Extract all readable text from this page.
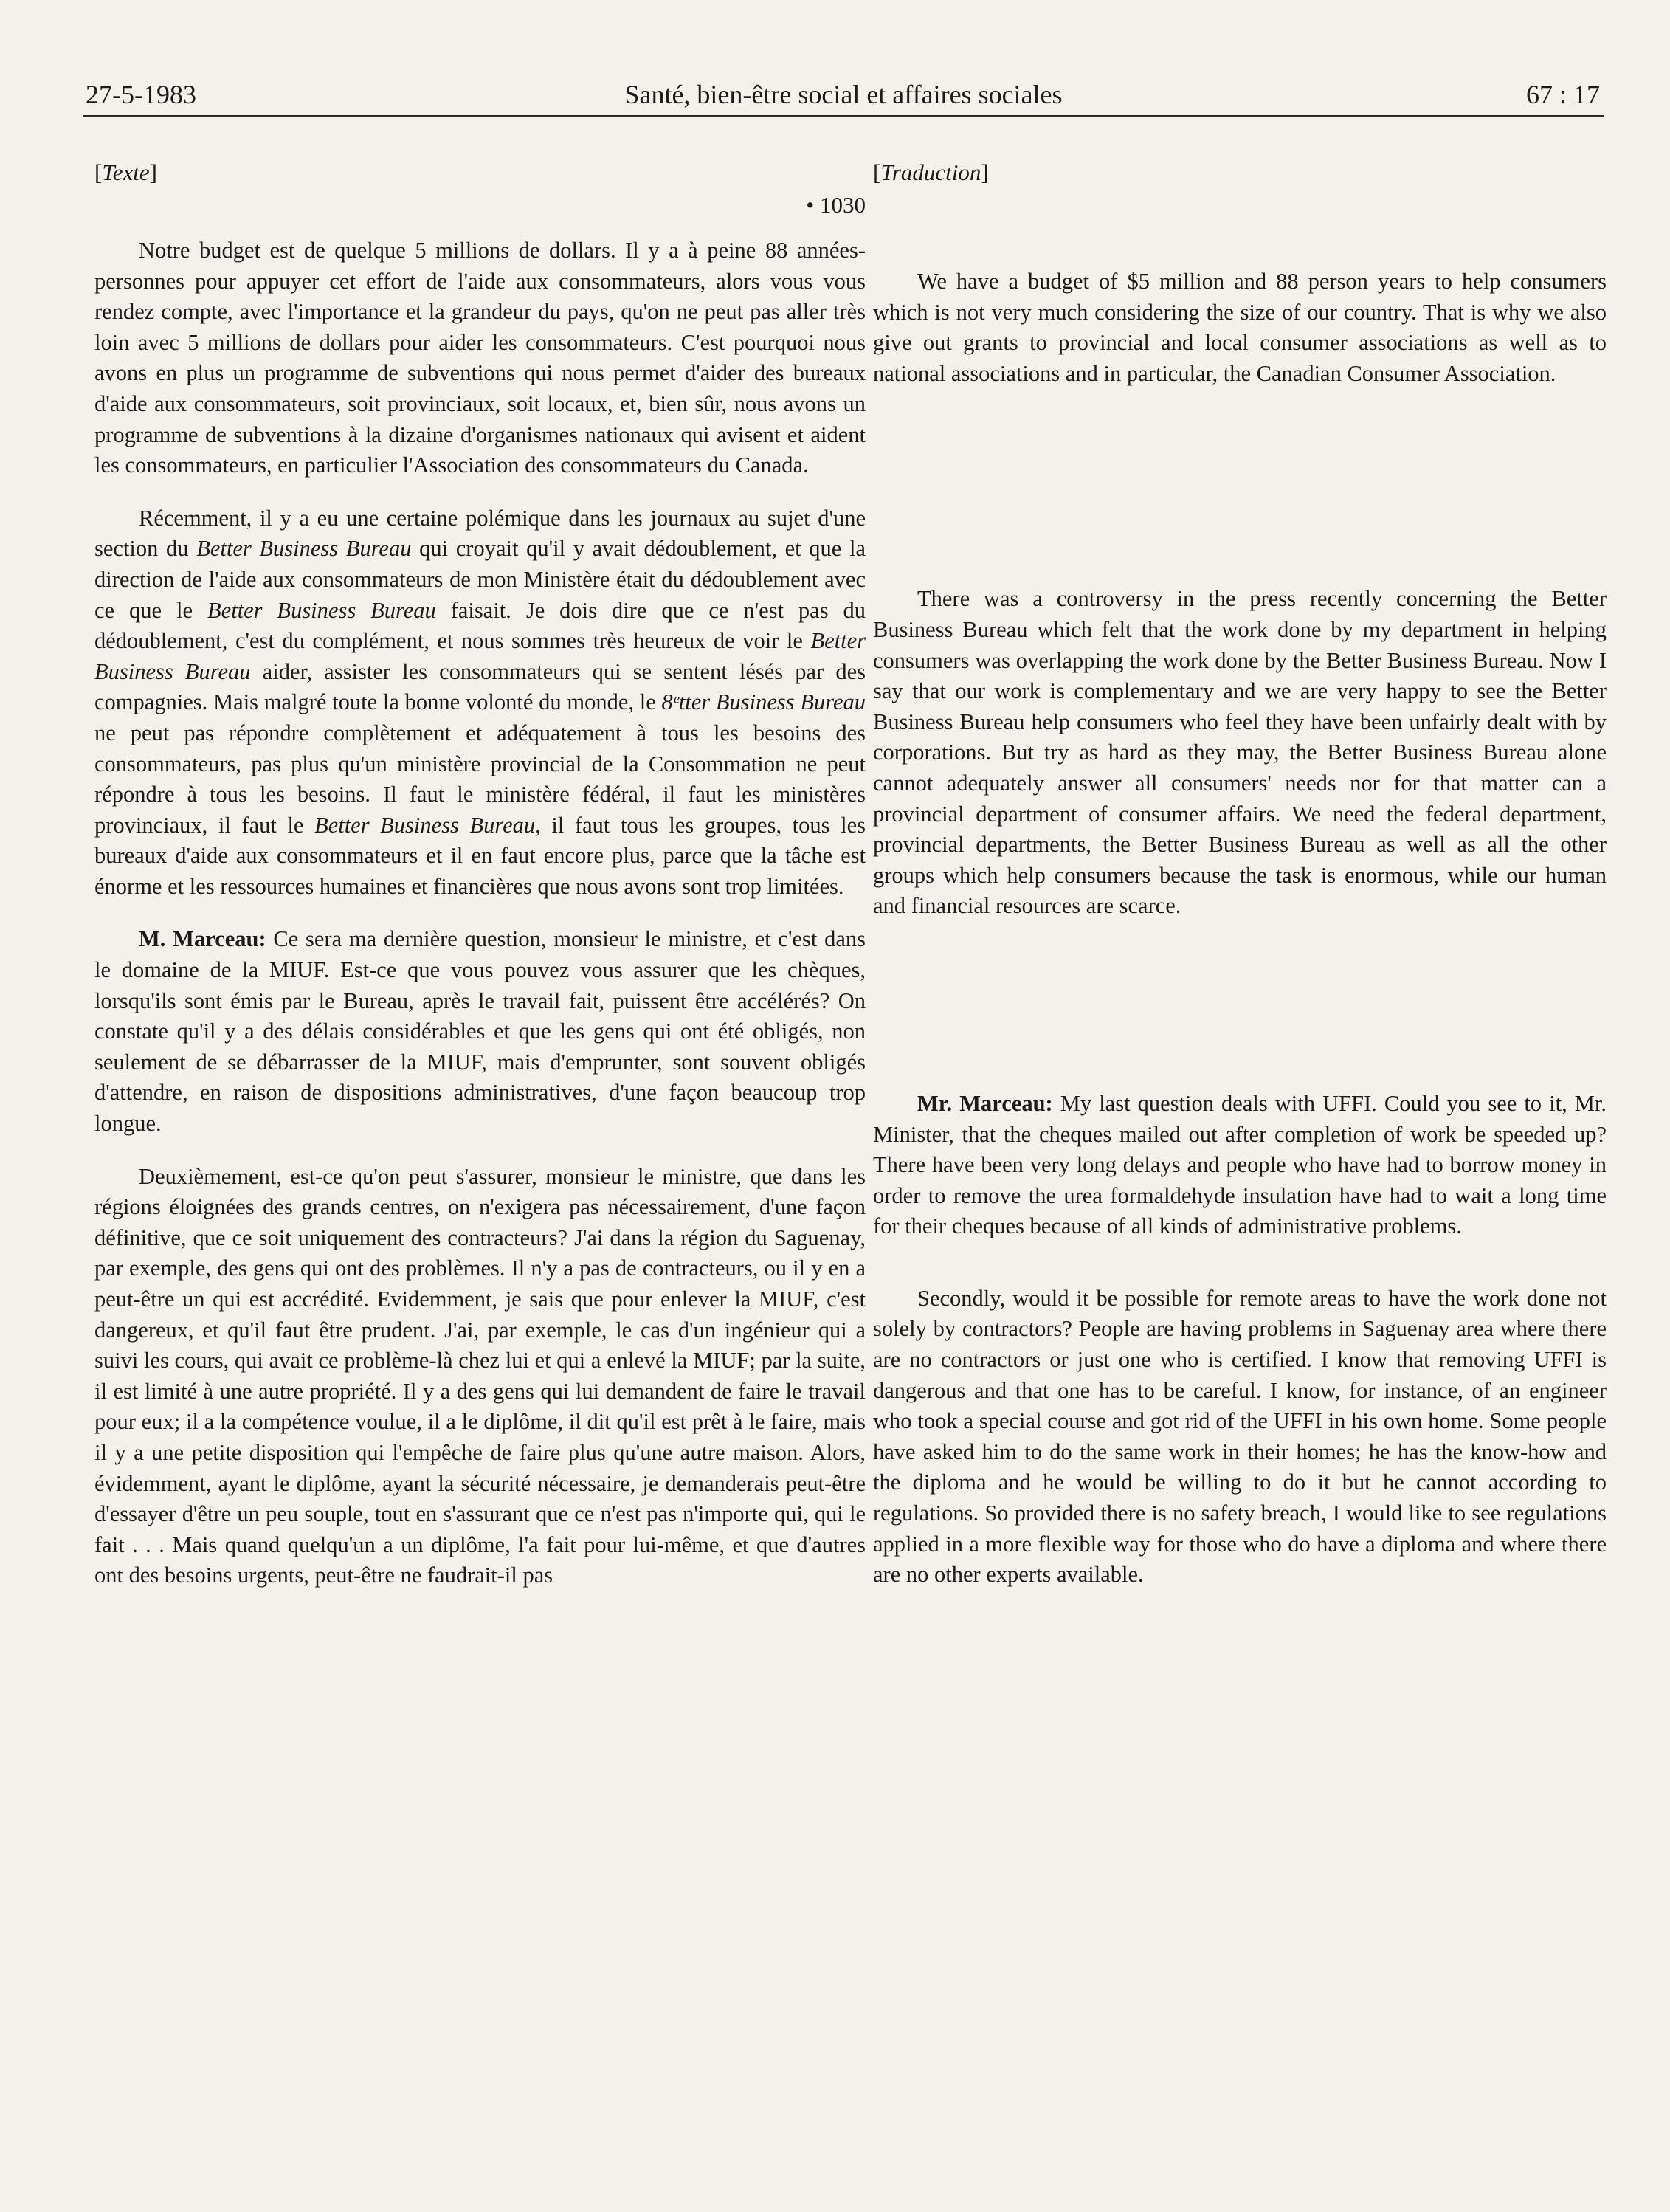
27-5-1983	Santé, bien-être social et affaires sociales	67 : 17

[Texte]

• 1030

Notre budget est de quelque 5 millions de dollars. Il y a à peine 88 années-personnes pour appuyer cet effort de l'aide aux consommateurs, alors vous vous rendez compte, avec l'importance et la grandeur du pays, qu'on ne peut pas aller très loin avec 5 millions de dollars pour aider les consommateurs. C'est pourquoi nous avons en plus un programme de subventions qui nous permet d'aider des bureaux d'aide aux consommateurs, soit provinciaux, soit locaux, et, bien sûr, nous avons un programme de subventions à la dizaine d'organismes nationaux qui avisent et aident les consommateurs, en particulier l'Association des consommateurs du Canada.

Récemment, il y a eu une certaine polémique dans les journaux au sujet d'une section du Better Business Bureau qui croyait qu'il y avait dédoublement, et que la direction de l'aide aux consommateurs de mon Ministère était du dédoublement avec ce que le Better Business Bureau faisait. Je dois dire que ce n'est pas du dédoublement, c'est du complément, et nous sommes très heureux de voir le Better Business Bureau aider, assister les consommateurs qui se sentent lésés par des compagnies. Mais malgré toute la bonne volonté du monde, le 8ᵉtter Business Bureau ne peut pas répondre complètement et adéquatement à tous les besoins des consommateurs, pas plus qu'un ministère provincial de la Consommation ne peut répondre à tous les besoins. Il faut le ministère fédéral, il faut les ministères provinciaux, il faut le Better Business Bureau, il faut tous les groupes, tous les bureaux d'aide aux consommateurs et il en faut encore plus, parce que la tâche est énorme et les ressources humaines et financières que nous avons sont trop limitées.

M. Marceau: Ce sera ma dernière question, monsieur le ministre, et c'est dans le domaine de la MIUF. Est-ce que vous pouvez vous assurer que les chèques, lorsqu'ils sont émis par le Bureau, après le travail fait, puissent être accélérés? On constate qu'il y a des délais considérables et que les gens qui ont été obligés, non seulement de se débarrasser de la MIUF, mais d'emprunter, sont souvent obligés d'attendre, en raison de dispositions administratives, d'une façon beaucoup trop longue.

Deuxièmement, est-ce qu'on peut s'assurer, monsieur le ministre, que dans les régions éloignées des grands centres, on n'exigera pas nécessairement, d'une façon définitive, que ce soit uniquement des contracteurs? J'ai dans la région du Saguenay, par exemple, des gens qui ont des problèmes. Il n'y a pas de contracteurs, ou il y en a peut-être un qui est accrédité. Evidemment, je sais que pour enlever la MIUF, c'est dangereux, et qu'il faut être prudent. J'ai, par exemple, le cas d'un ingénieur qui a suivi les cours, qui avait ce problème-là chez lui et qui a enlevé la MIUF; par la suite, il est limité à une autre propriété. Il y a des gens qui lui demandent de faire le travail pour eux; il a la compétence voulue, il a le diplôme, il dit qu'il est prêt à le faire, mais il y a une petite disposition qui l'empêche de faire plus qu'une autre maison. Alors, évidemment, ayant le diplôme, ayant la sécurité nécessaire, je demanderais peut-être d'essayer d'être un peu souple, tout en s'assurant que ce n'est pas n'importe qui, qui le fait . . . Mais quand quelqu'un a un diplôme, l'a fait pour lui-même, et que d'autres ont des besoins urgents, peut-être ne faudrait-il pas

[Traduction]

We have a budget of $5 million and 88 person years to help consumers which is not very much considering the size of our country. That is why we also give out grants to provincial and local consumer associations as well as to national associations and in particular, the Canadian Consumer Association.

There was a controversy in the press recently concerning the Better Business Bureau which felt that the work done by my department in helping consumers was overlapping the work done by the Better Business Bureau. Now I say that our work is complementary and we are very happy to see the Better Business Bureau help consumers who feel they have been unfairly dealt with by corporations. But try as hard as they may, the Better Business Bureau alone cannot adequately answer all consumers' needs nor for that matter can a provincial department of consumer affairs. We need the federal department, provincial departments, the Better Business Bureau as well as all the other groups which help consumers because the task is enormous, while our human and financial resources are scarce.

Mr. Marceau: My last question deals with UFFI. Could you see to it, Mr. Minister, that the cheques mailed out after completion of work be speeded up? There have been very long delays and people who have had to borrow money in order to remove the urea formaldehyde insulation have had to wait a long time for their cheques because of all kinds of administrative problems.

Secondly, would it be possible for remote areas to have the work done not solely by contractors? People are having problems in Saguenay area where there are no contractors or just one who is certified. I know that removing UFFI is dangerous and that one has to be careful. I know, for instance, of an engineer who took a special course and got rid of the UFFI in his own home. Some people have asked him to do the same work in their homes; he has the know-how and the diploma and he would be willing to do it but he cannot according to regulations. So provided there is no safety breach, I would like to see regulations applied in a more flexible way for those who do have a diploma and where there are no other experts available.
